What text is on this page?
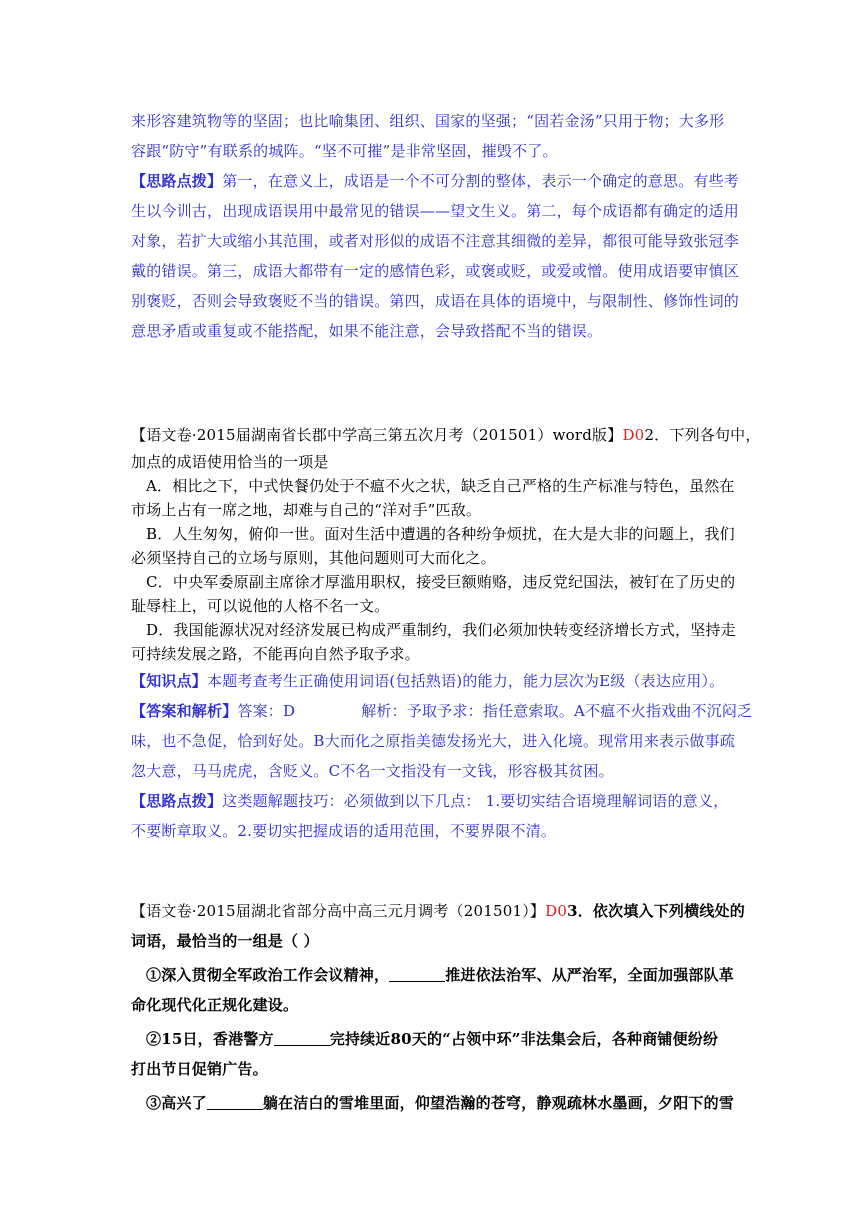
来形容建筑物等的坚固；也比喻集团、组织、国家的坚强；“固若金汤”只用于物；大多形

容跟“防守”有联系的城阵。“坚不可摧”是非常坚固，摧毁不了。

【思路点拨】第一，在意义上，成语是一个不可分割的整体，表示一个确定的意思。有些考

生以今训古，出现成语误用中最常见的错误——望文生义。第二，每个成语都有确定的适用

对象，若扩大或缩小其范围，或者对形似的成语不注意其细微的差异，都很可能导致张冠李

戴的错误。第三，成语大都带有一定的感情色彩，或褒或贬，或爱或憎。使用成语要审慎区

别褒贬，否则会导致褒贬不当的错误。第四，成语在具体的语境中，与限制性、修饰性词的

意思矛盾或重复或不能搭配，如果不能注意，会导致搭配不当的错误。

【语文卷·2015届湖南省长郡中学高三第五次月考（201501）word版】D02．下列各句中，

加点的成语使用恰当的一项是

A．相比之下，中式快餐仍处于不瘟不火之状，缺乏自己严格的生产标准与特色，虽然在

市场上占有一席之地，却难与自己的“洋对手”匹敌。

B．人生匆匆，俯仰一世。面对生活中遭遇的各种纷争烦扰，在大是大非的问题上，我们

必须坚持自己的立场与原则，其他问题则可大而化之。

C．中央军委原副主席徐才厚滥用职权，接受巨额贿赂，违反党纪国法，被钉在了历史的

耻辱柱上，可以说他的人格不名一文。

D．我国能源状况对经济发展已构成严重制约，我们必须加快转变经济增长方式，坚持走

可持续发展之路，不能再向自然予取予求。

【知识点】本题考查考生正确使用词语(包括熟语)的能力，能力层次为E级（表达应用）。

【答案和解析】答案：D	解析：予取予求：指任意索取。A不瘟不火指戏曲不沉闷乏

味，也不急促，恰到好处。B大而化之原指美德发扬光大，进入化境。现常用来表示做事疏

忽大意，马马虎虎，含贬义。C不名一文指没有一文钱，形容极其贫困。

【思路点拨】这类题解题技巧：必须做到以下几点： 1.要切实结合语境理解词语的意义，

不要断章取义。2.要切实把握成语的适用范围，不要界限不清。

【语文卷·2015届湖北省部分高中高三元月调考（201501）】D03．依次填入下列横线处的

词语，最恰当的一组是（ ）

①深入贯彻全军政治工作会议精神，	推进依法治军、从严治军，全面加强部队革

命化现代化正规化建设。

②15日，香港警方	完持续近80天的“占领中环”非法集会后，各种商铺便纷纷

打出节日促销广告。

③高兴了	躺在洁白的雪堆里面，仰望浩瀚的苍穹，静观疏林水墨画，夕阳下的雪
